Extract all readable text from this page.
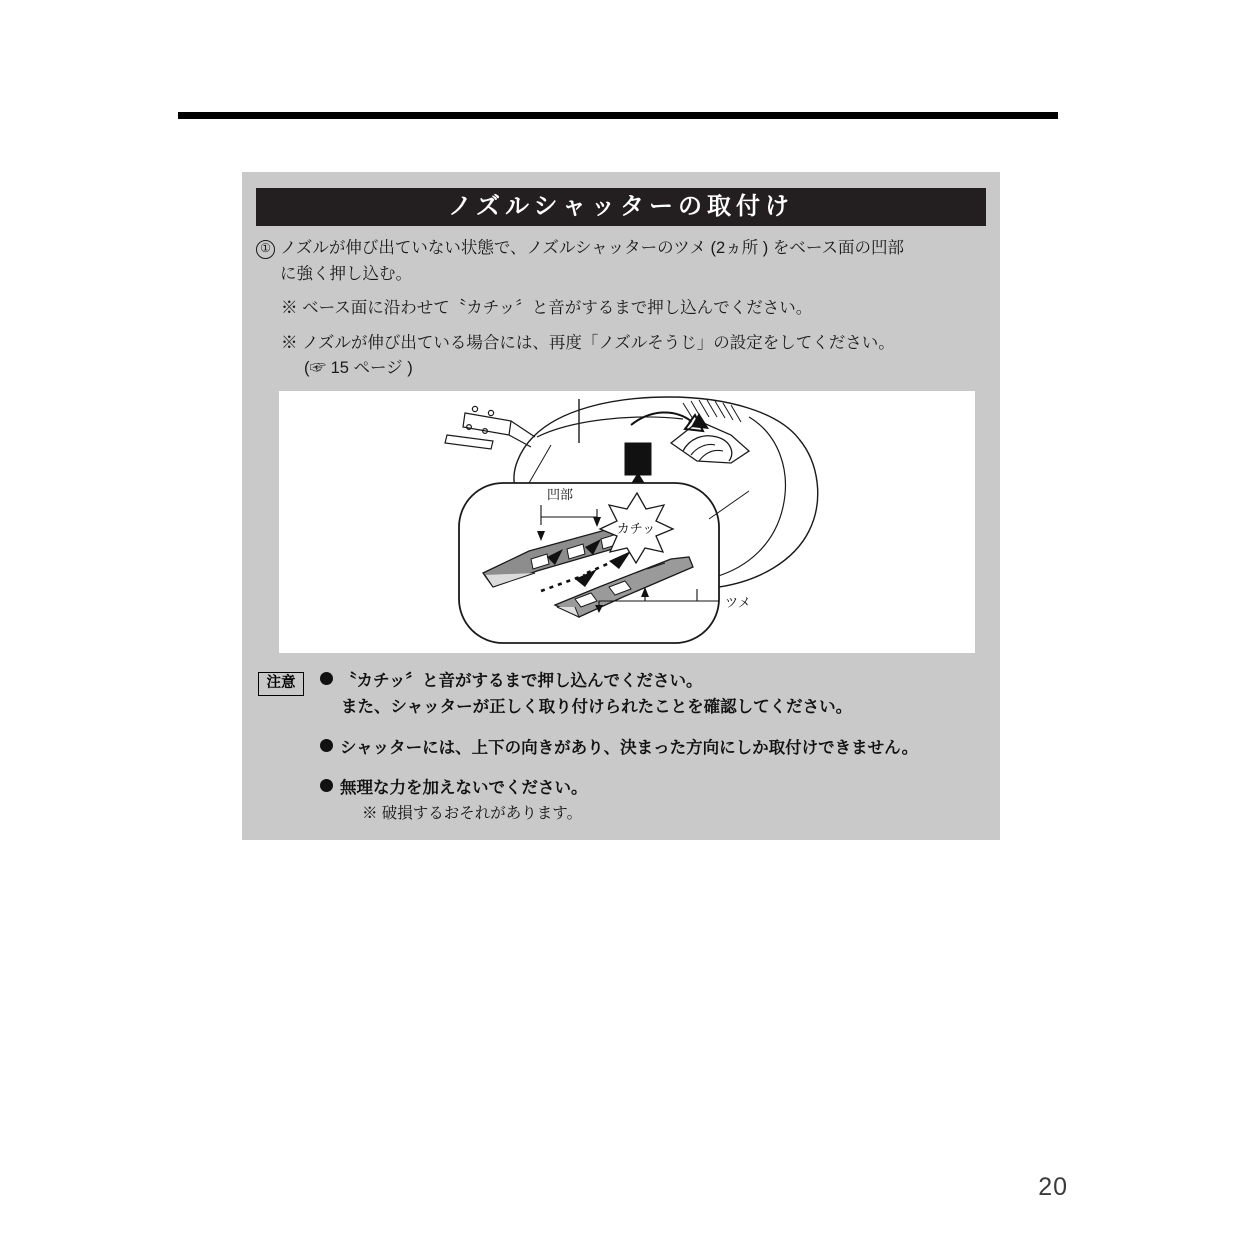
ノズルシャッターの取付け
① ノズルが伸び出ていない状態で、ノズルシャッターのツメ (2ヵ所 ) をベース面の凹部
に強く押し込む。
※ ベース面に沿わせて〝カチッ〞と音がするまで押し込んでください。
※ ノズルが伸び出ている場合には、再度「ノズルそうじ」の設定をしてください。
(☞ 15 ページ )
カチッ
凹部
ツメ
注意	〝カチッ〞と音がするまで押し込んでください。
また、シャッターが正しく取り付けられたことを確認してください。
シャッターには、上下の向きがあり、決まった方向にしか取付けできません。
無理な力を加えないでください。
※ 破損するおそれがあります。
20
